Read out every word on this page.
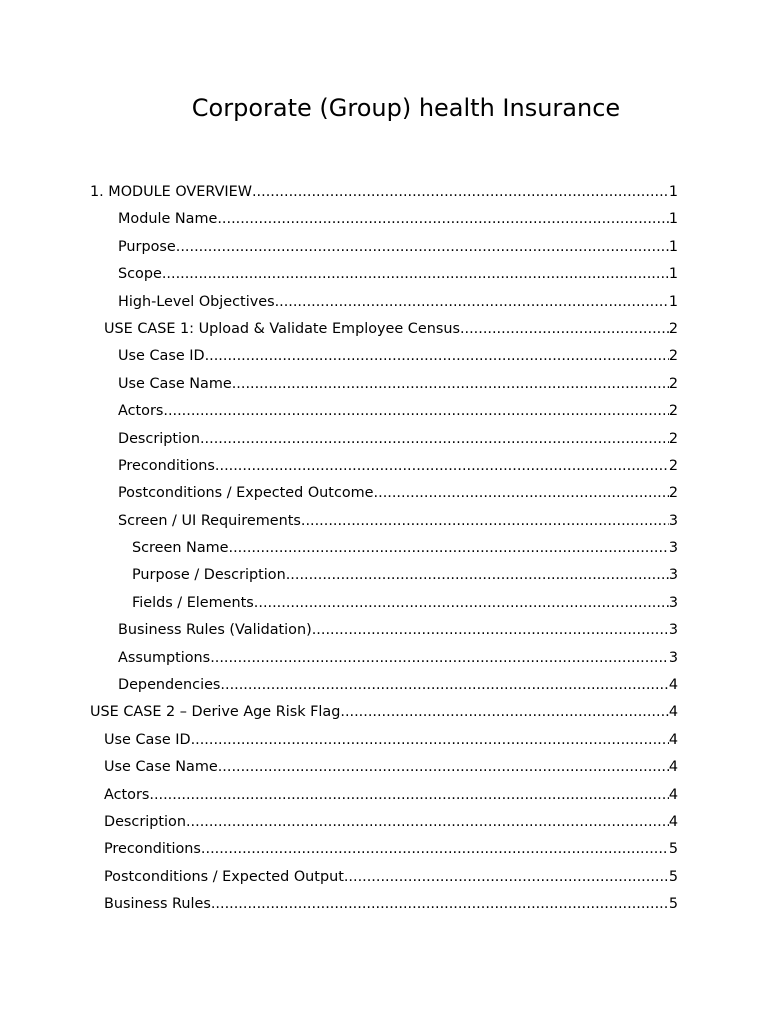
Corporate (Group) health Insurance
1. MODULE OVERVIEW .....	1
Module Name .....	1
Purpose .....	1
Scope .....	1
High-Level Objectives .....	1
USE CASE 1: Upload & Validate Employee Census .....	2
Use Case ID .....	2
Use Case Name .....	2
Actors .....	2
Description .....	2
Preconditions .....	2
Postconditions / Expected Outcome .....	2
Screen / UI Requirements .....	3
Screen Name .....	3
Purpose / Description .....	3
Fields / Elements .....	3
Business Rules (Validation) .....	3
Assumptions .....	3
Dependencies .....	4
USE CASE 2 – Derive Age Risk Flag .....	4
Use Case ID .....	4
Use Case Name .....	4
Actors .....	4
Description .....	4
Preconditions .....	5
Postconditions / Expected Output .....	5
Business Rules .....	5
